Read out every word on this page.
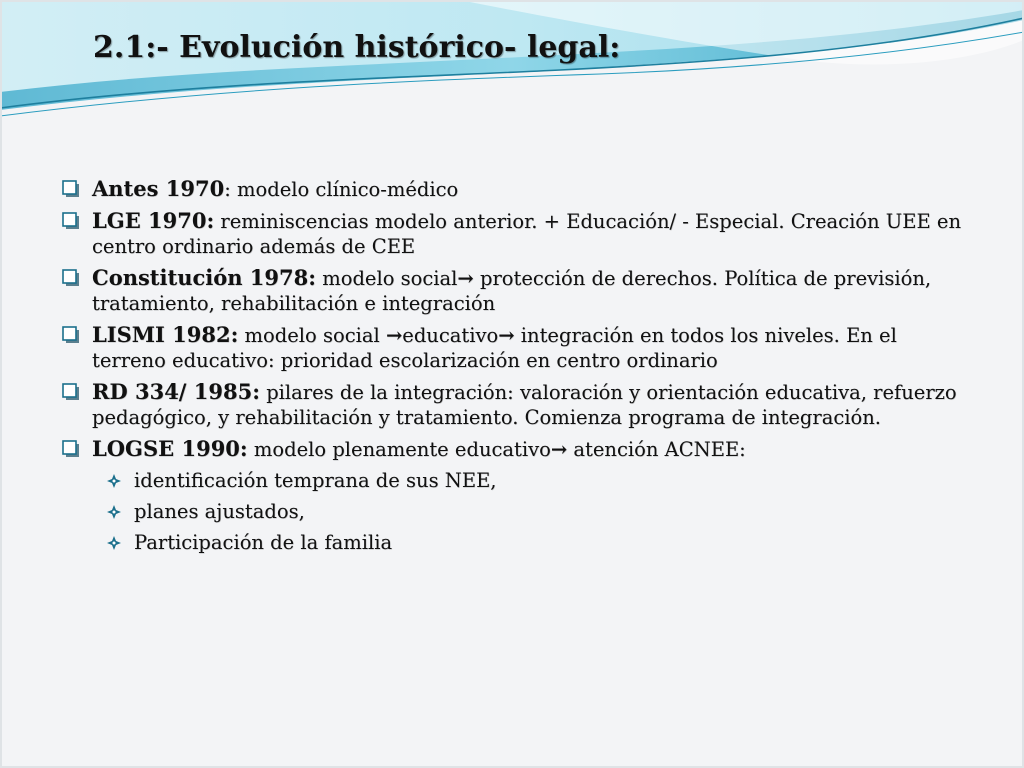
2.1:- Evolución histórico- legal:
Antes 1970: modelo clínico-médico
LGE 1970: reminiscencias modelo anterior. + Educación/ - Especial. Creación UEE en centro ordinario además de CEE
Constitución 1978: modelo social→ protección de derechos. Política de previsión, tratamiento, rehabilitación e integración
LISMI 1982: modelo social →educativo→ integración en todos los niveles. En el terreno educativo: prioridad escolarización en centro ordinario
RD 334/ 1985: pilares de la integración: valoración y orientación educativa, refuerzo pedagógico, y rehabilitación y tratamiento. Comienza programa de integración.
LOGSE 1990: modelo plenamente educativo→ atención ACNEE:
identificación temprana de sus NEE,
planes ajustados,
Participación de la familia
